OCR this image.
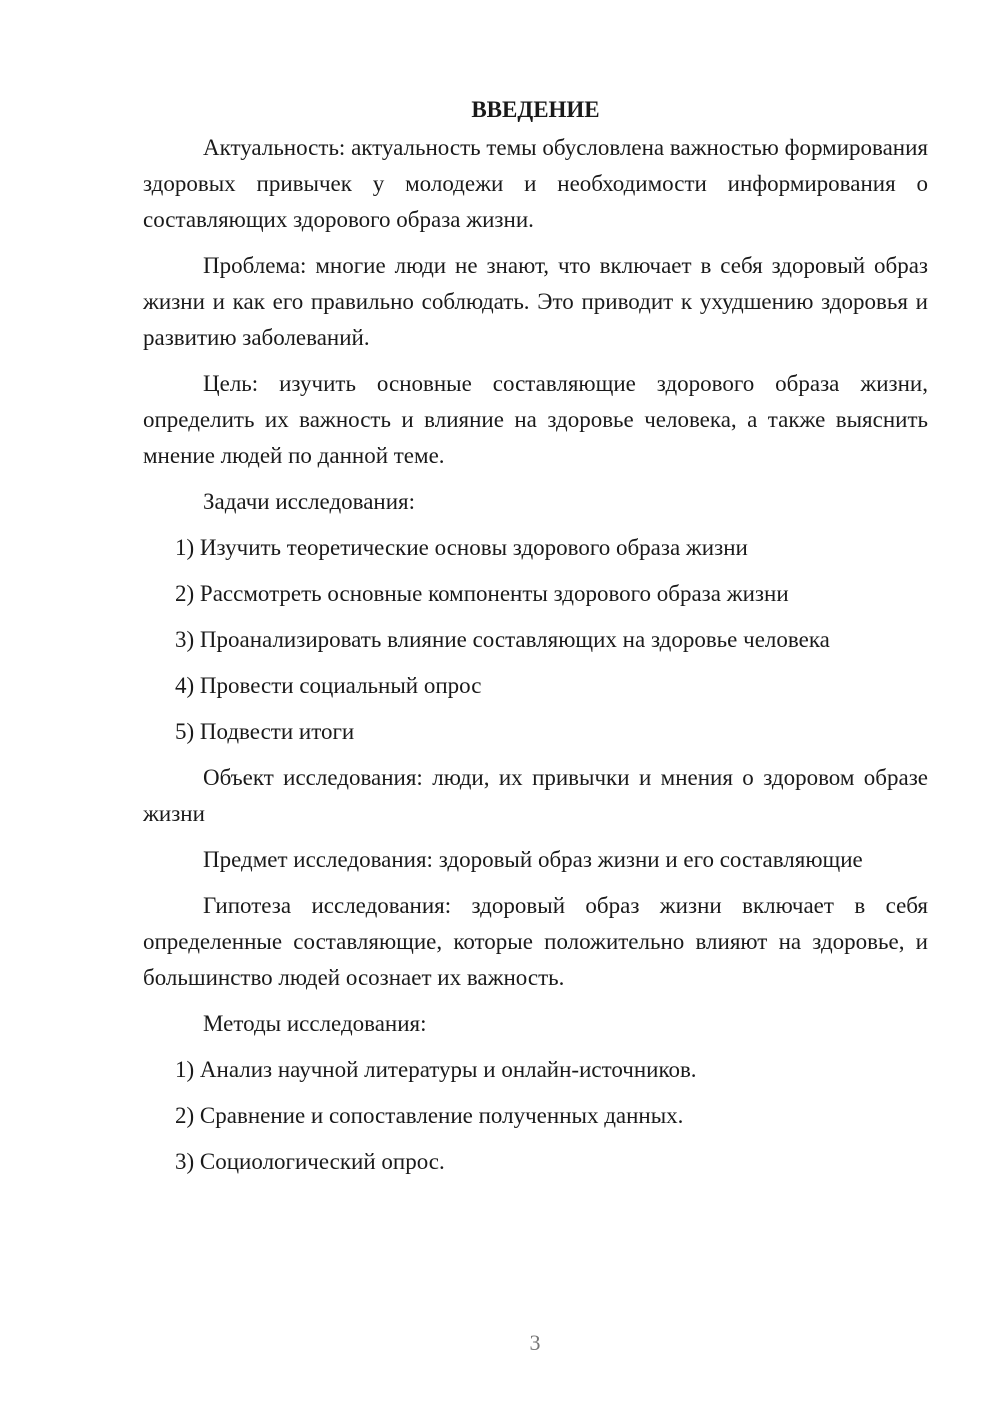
ВВЕДЕНИЕ

Актуальность: актуальность темы обусловлена важностью формирования здоровых привычек у молодежи и необходимости информирования о составляющих здорового образа жизни.

Проблема: многие люди не знают, что включает в себя здоровый образ жизни и как его правильно соблюдать. Это приводит к ухудшению здоровья и развитию заболеваний.

Цель: изучить основные составляющие здорового образа жизни, определить их важность и влияние на здоровье человека, а также выяснить мнение людей по данной теме.

Задачи исследования:

1) Изучить теоретические основы здорового образа жизни

2) Рассмотреть основные компоненты здорового образа жизни

3) Проанализировать влияние составляющих на здоровье человека

4) Провести социальный опрос

5) Подвести итоги

Объект исследования: люди, их привычки и мнения о здоровом образе жизни

Предмет исследования: здоровый образ жизни и его составляющие

Гипотеза исследования: здоровый образ жизни включает в себя определенные составляющие, которые положительно влияют на здоровье, и большинство людей осознает их важность.

Методы исследования:

1) Анализ научной литературы и онлайн-источников.

2) Сравнение и сопоставление полученных данных.

3) Социологический опрос.

3
